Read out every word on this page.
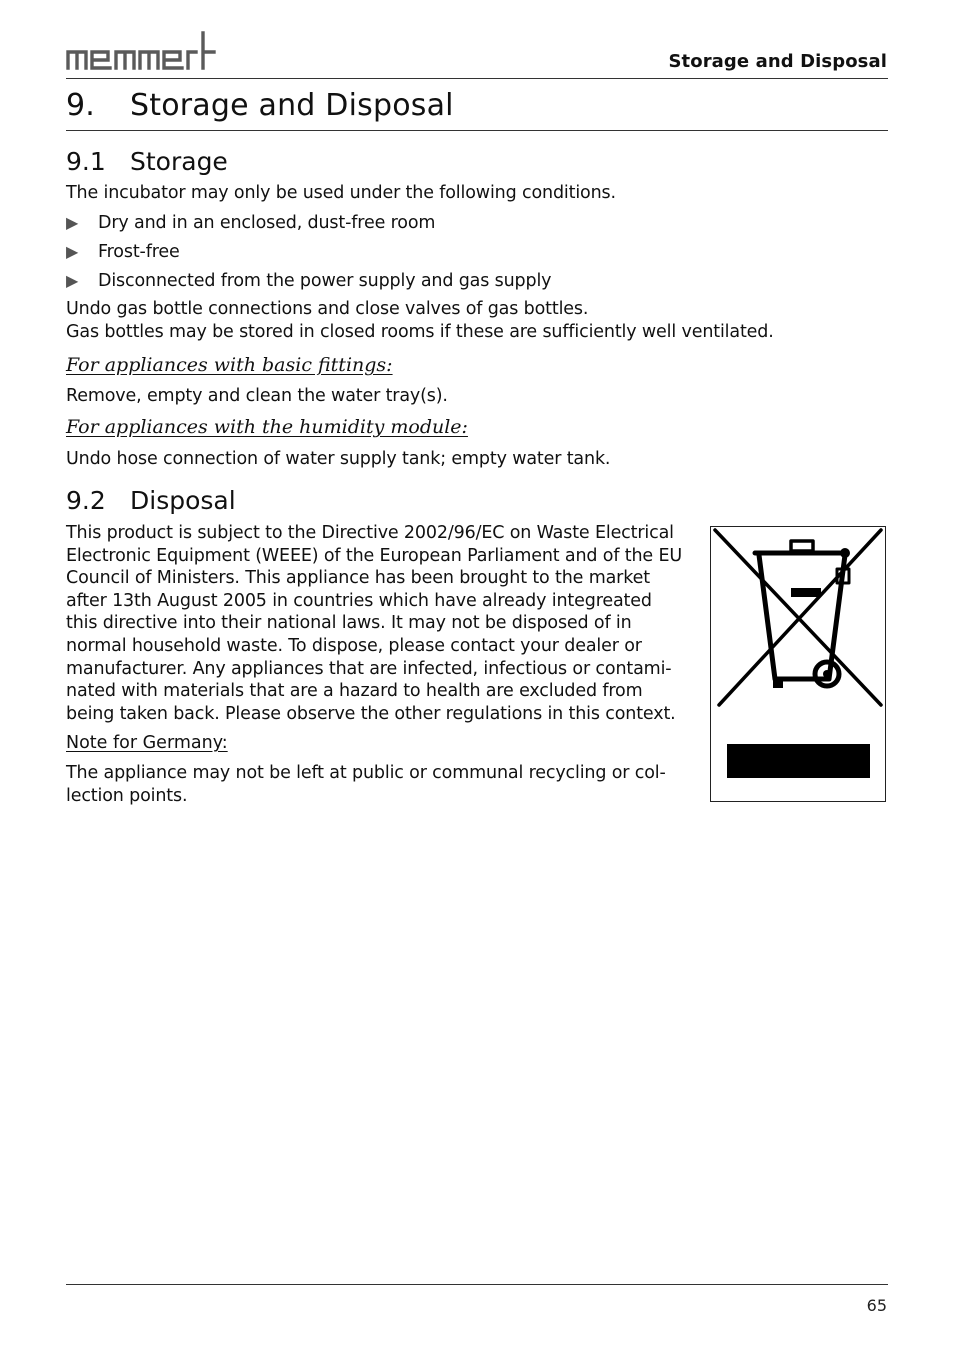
Storage and Disposal
9. Storage and Disposal
9.1 Storage
The incubator may only be used under the following conditions.
▶ Dry and in an enclosed, dust-free room
▶ Frost-free
▶ Disconnected from the power supply and gas supply
Undo gas bottle connections and close valves of gas bottles.
Gas bottles may be stored in closed rooms if these are sufficiently well ventilated.
For appliances with basic fittings:
Remove, empty and clean the water tray(s).
For appliances with the humidity module:
Undo hose connection of water supply tank; empty water tank.
9.2 Disposal
This product is subject to the Directive 2002/96/EC on Waste Electrical
Electronic Equipment (WEEE) of the European Parliament and of the EU
Council of Ministers. This appliance has been brought to the market
after 13th August 2005 in countries which have already integreated
this directive into their national laws. It may not be disposed of in
normal household waste. To dispose, please contact your dealer or
manufacturer. Any appliances that are infected, infectious or contami-
nated with materials that are a hazard to health are excluded from
being taken back. Please observe the other regulations in this context.
Note for Germany:
The appliance may not be left at public or communal recycling or col-
lection points.
65
